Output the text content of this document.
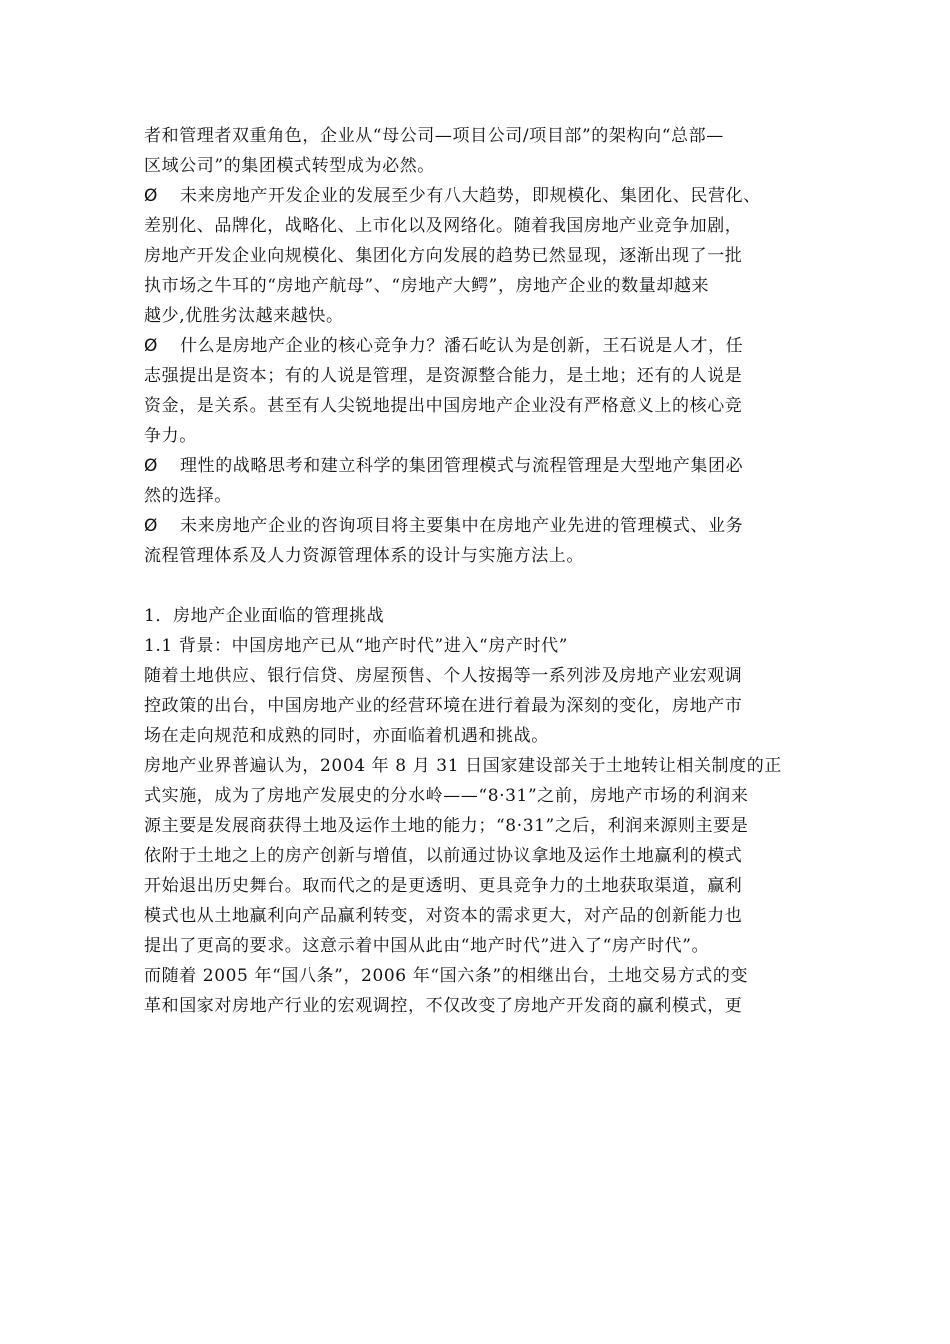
者和管理者双重角色，企业从“母公司—项目公司/项目部”的架构向“总部—
区域公司”的集团模式转型成为必然。
Ø 未来房地产开发企业的发展至少有八大趋势，即规模化、集团化、民营化、
差别化、品牌化，战略化、上市化以及网络化。随着我国房地产业竞争加剧，
房地产开发企业向规模化、集团化方向发展的趋势已然显现，逐渐出现了一批
执市场之牛耳的“房地产航母”、“房地产大鳄”，房地产企业的数量却越来
越少,优胜劣汰越来越快。
Ø 什么是房地产企业的核心竞争力？潘石屹认为是创新，王石说是人才，任
志强提出是资本；有的人说是管理，是资源整合能力，是土地；还有的人说是
资金，是关系。甚至有人尖锐地提出中国房地产企业没有严格意义上的核心竞
争力。
Ø 理性的战略思考和建立科学的集团管理模式与流程管理是大型地产集团必
然的选择。
Ø 未来房地产企业的咨询项目将主要集中在房地产业先进的管理模式、业务
流程管理体系及人力资源管理体系的设计与实施方法上。
1．房地产企业面临的管理挑战
1.1 背景：中国房地产已从“地产时代”进入“房产时代”
随着土地供应、银行信贷、房屋预售、个人按揭等一系列涉及房地产业宏观调
控政策的出台，中国房地产业的经营环境在进行着最为深刻的变化，房地产市
场在走向规范和成熟的同时，亦面临着机遇和挑战。
房地产业界普遍认为，2004 年 8 月 31 日国家建设部关于土地转让相关制度的正
式实施，成为了房地产发展史的分水岭——“8·31”之前，房地产市场的利润来
源主要是发展商获得土地及运作土地的能力；“8·31”之后，利润来源则主要是
依附于土地之上的房产创新与增值，以前通过协议拿地及运作土地赢利的模式
开始退出历史舞台。取而代之的是更透明、更具竞争力的土地获取渠道，赢利
模式也从土地赢利向产品赢利转变，对资本的需求更大，对产品的创新能力也
提出了更高的要求。这意示着中国从此由“地产时代”进入了“房产时代”。
而随着 2005 年“国八条”，2006 年“国六条”的相继出台，土地交易方式的变
革和国家对房地产行业的宏观调控，不仅改变了房地产开发商的赢利模式，更
